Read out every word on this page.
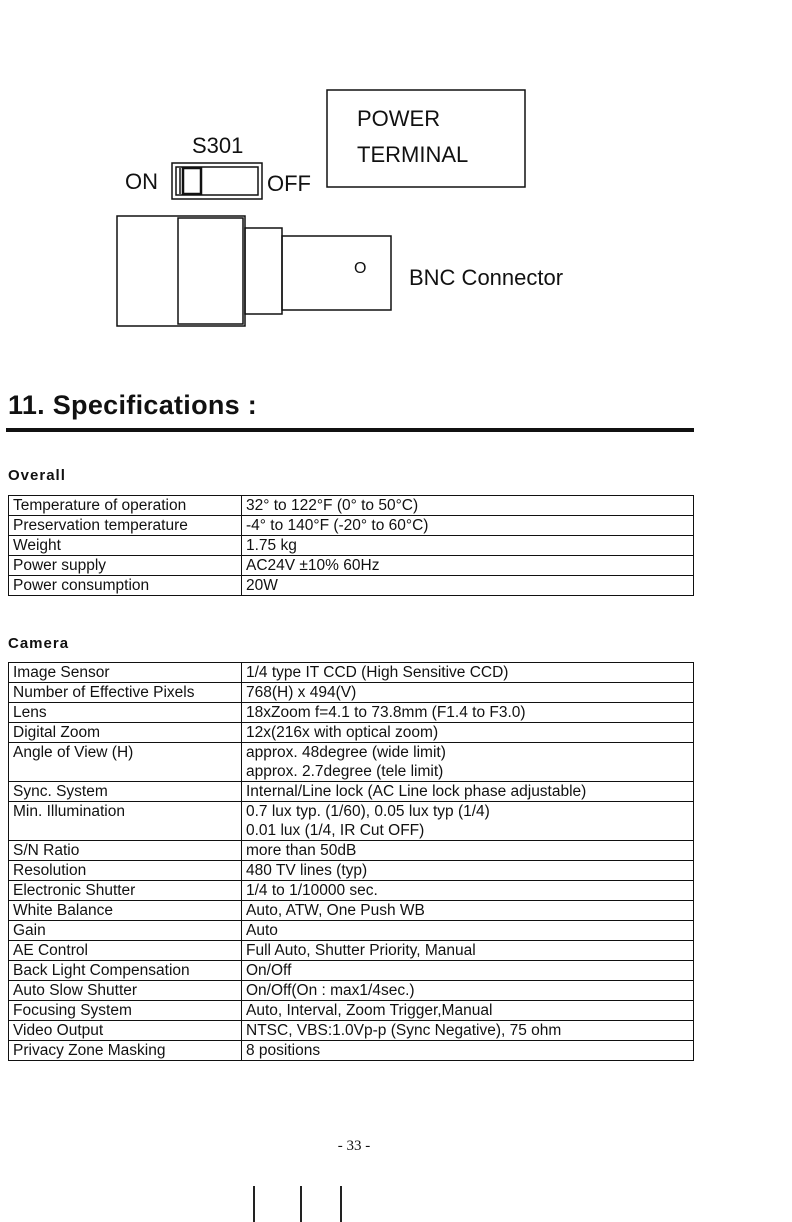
S301
ON	OFF
POWER
TERMINAL
O BNC Connector
11. Specifications :
Overall
Temperature of operation	32° to 122°F (0° to 50°C)

Preservation temperature	-4° to 140°F (-20° to 60°C)

Weight	1.75 kg

Power supply	AC24V ±10% 60Hz

Power consumption	20W
Camera
Image Sensor	1/4 type IT CCD (High Sensitive CCD)

Number of Effective Pixels	768(H) x 494(V)

Lens	18xZoom f=4.1 to 73.8mm (F1.4 to F3.0)

Digital Zoom	12x(216x with optical zoom)

Angle of View (H)	approx. 48degree (wide limit)
approx. 2.7degree (tele limit)

Sync. System	Internal/Line lock (AC Line lock phase adjustable)

Min. Illumination	0.7 lux typ. (1/60), 0.05 lux typ (1/4)
0.01 lux (1/4, IR Cut OFF)

S/N Ratio	more than 50dB

Resolution	480 TV lines (typ)

Electronic Shutter	1/4 to 1/10000 sec.

White Balance	Auto, ATW, One Push WB

Gain	Auto

AE Control	Full Auto, Shutter Priority, Manual

Back Light Compensation	On/Off

Auto Slow Shutter	On/Off(On : max1/4sec.)

Focusing System	Auto, Interval, Zoom Trigger,Manual

Video Output	NTSC, VBS:1.0Vp-p (Sync Negative), 75 ohm

Privacy Zone Masking	8 positions
- 33 -
